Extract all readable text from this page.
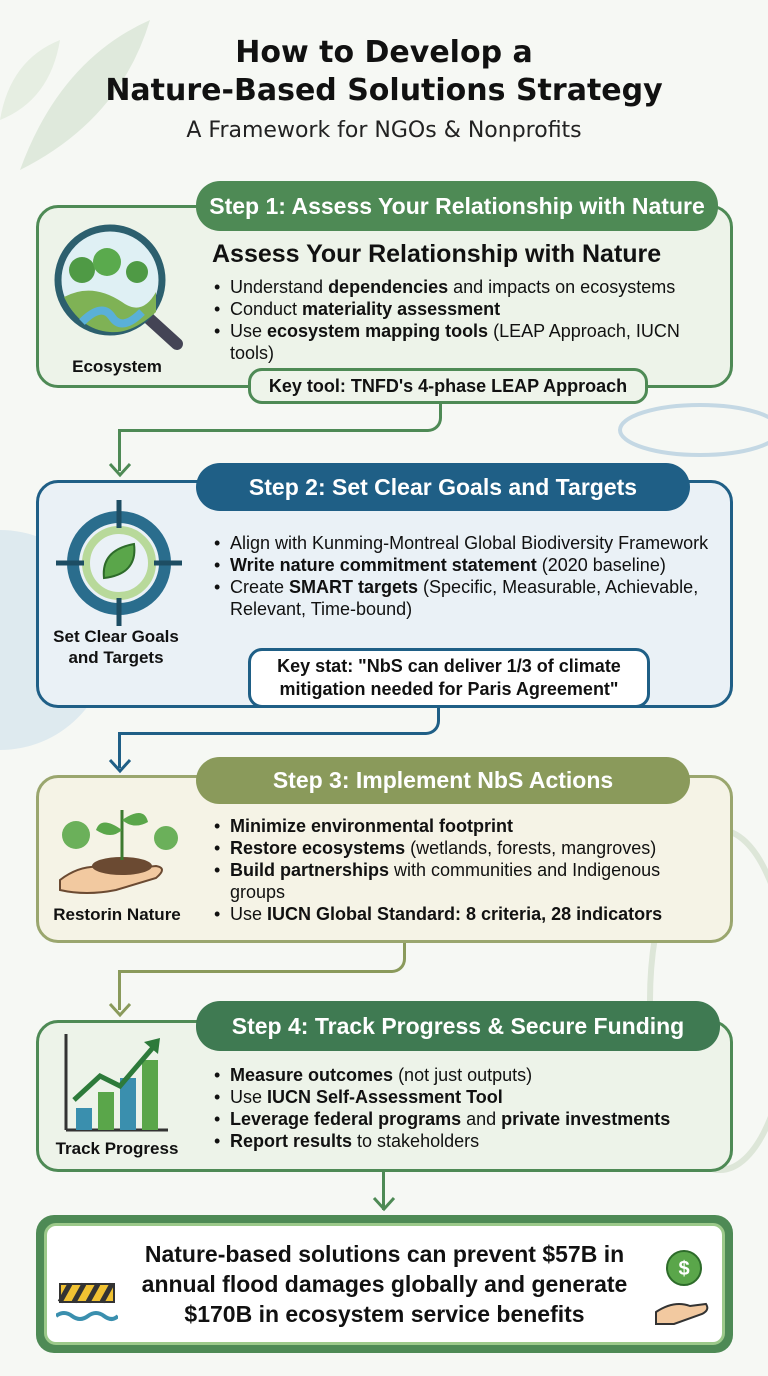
How to Develop a
Nature-Based Solutions Strategy
A Framework for NGOs & Nonprofits
Step 1: Assess Your Relationship with Nature
Assess Your Relationship with Nature
• Understand dependencies and impacts on ecosystems
• Conduct materiality assessment
• Use ecosystem mapping tools (LEAP Approach, IUCN tools)
Ecosystem
Key tool: TNFD's 4-phase LEAP Approach
Step 2: Set Clear Goals and Targets
• Align with Kunming-Montreal Global Biodiversity Framework
• Write nature commitment statement (2020 baseline)
• Create SMART targets (Specific, Measurable, Achievable, Relevant, Time-bound)
Set Clear Goals and Targets	Key stat: "NbS can deliver 1/3 of climate mitigation needed for Paris Agreement"
Step 3: Implement NbS Actions
• Minimize environmental footprint
• Restore ecosystems (wetlands, forests, mangroves)
• Build partnerships with communities and Indigenous groups
• Use IUCN Global Standard: 8 criteria, 28 indicators
Restorin Nature
Step 4: Track Progress & Secure Funding
• Measure outcomes (not just outputs)
• Use IUCN Self-Assessment Tool
• Leverage federal programs and private investments
• Report results to stakeholders
Track Progress
Nature-based solutions can prevent $57B in annual flood damages globally and generate $170B in ecosystem service benefits
$
